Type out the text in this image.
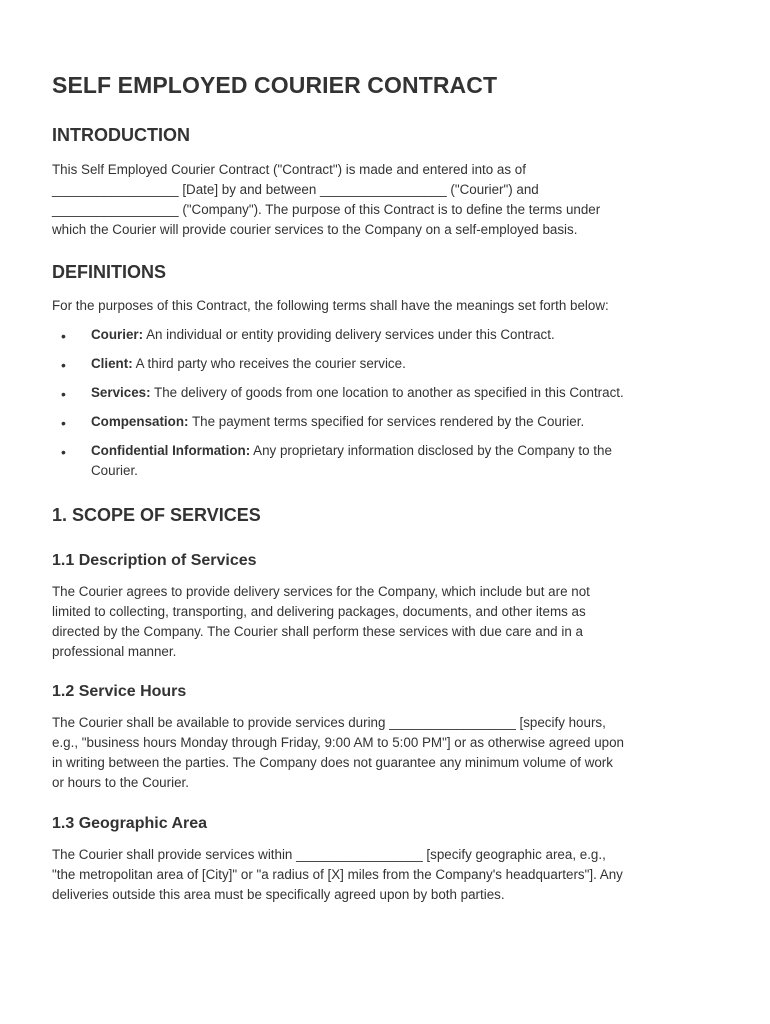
SELF EMPLOYED COURIER CONTRACT
INTRODUCTION
This Self Employed Courier Contract ("Contract") is made and entered into as of
_________________ [Date] by and between _________________ ("Courier") and
_________________ ("Company"). The purpose of this Contract is to define the terms under
which the Courier will provide courier services to the Company on a self-employed basis.
DEFINITIONS
For the purposes of this Contract, the following terms shall have the meanings set forth below:
• Courier: An individual or entity providing delivery services under this Contract.
• Client: A third party who receives the courier service.
• Services: The delivery of goods from one location to another as specified in this Contract.
• Compensation: The payment terms specified for services rendered by the Courier.
• Confidential Information: Any proprietary information disclosed by the Company to the
Courier.
1. SCOPE OF SERVICES
1.1 Description of Services
The Courier agrees to provide delivery services for the Company, which include but are not
limited to collecting, transporting, and delivering packages, documents, and other items as
directed by the Company. The Courier shall perform these services with due care and in a
professional manner.
1.2 Service Hours
The Courier shall be available to provide services during _________________ [specify hours,
e.g., "business hours Monday through Friday, 9:00 AM to 5:00 PM"] or as otherwise agreed upon
in writing between the parties. The Company does not guarantee any minimum volume of work
or hours to the Courier.
1.3 Geographic Area
The Courier shall provide services within _________________ [specify geographic area, e.g.,
"the metropolitan area of [City]" or "a radius of [X] miles from the Company's headquarters"]. Any
deliveries outside this area must be specifically agreed upon by both parties.
